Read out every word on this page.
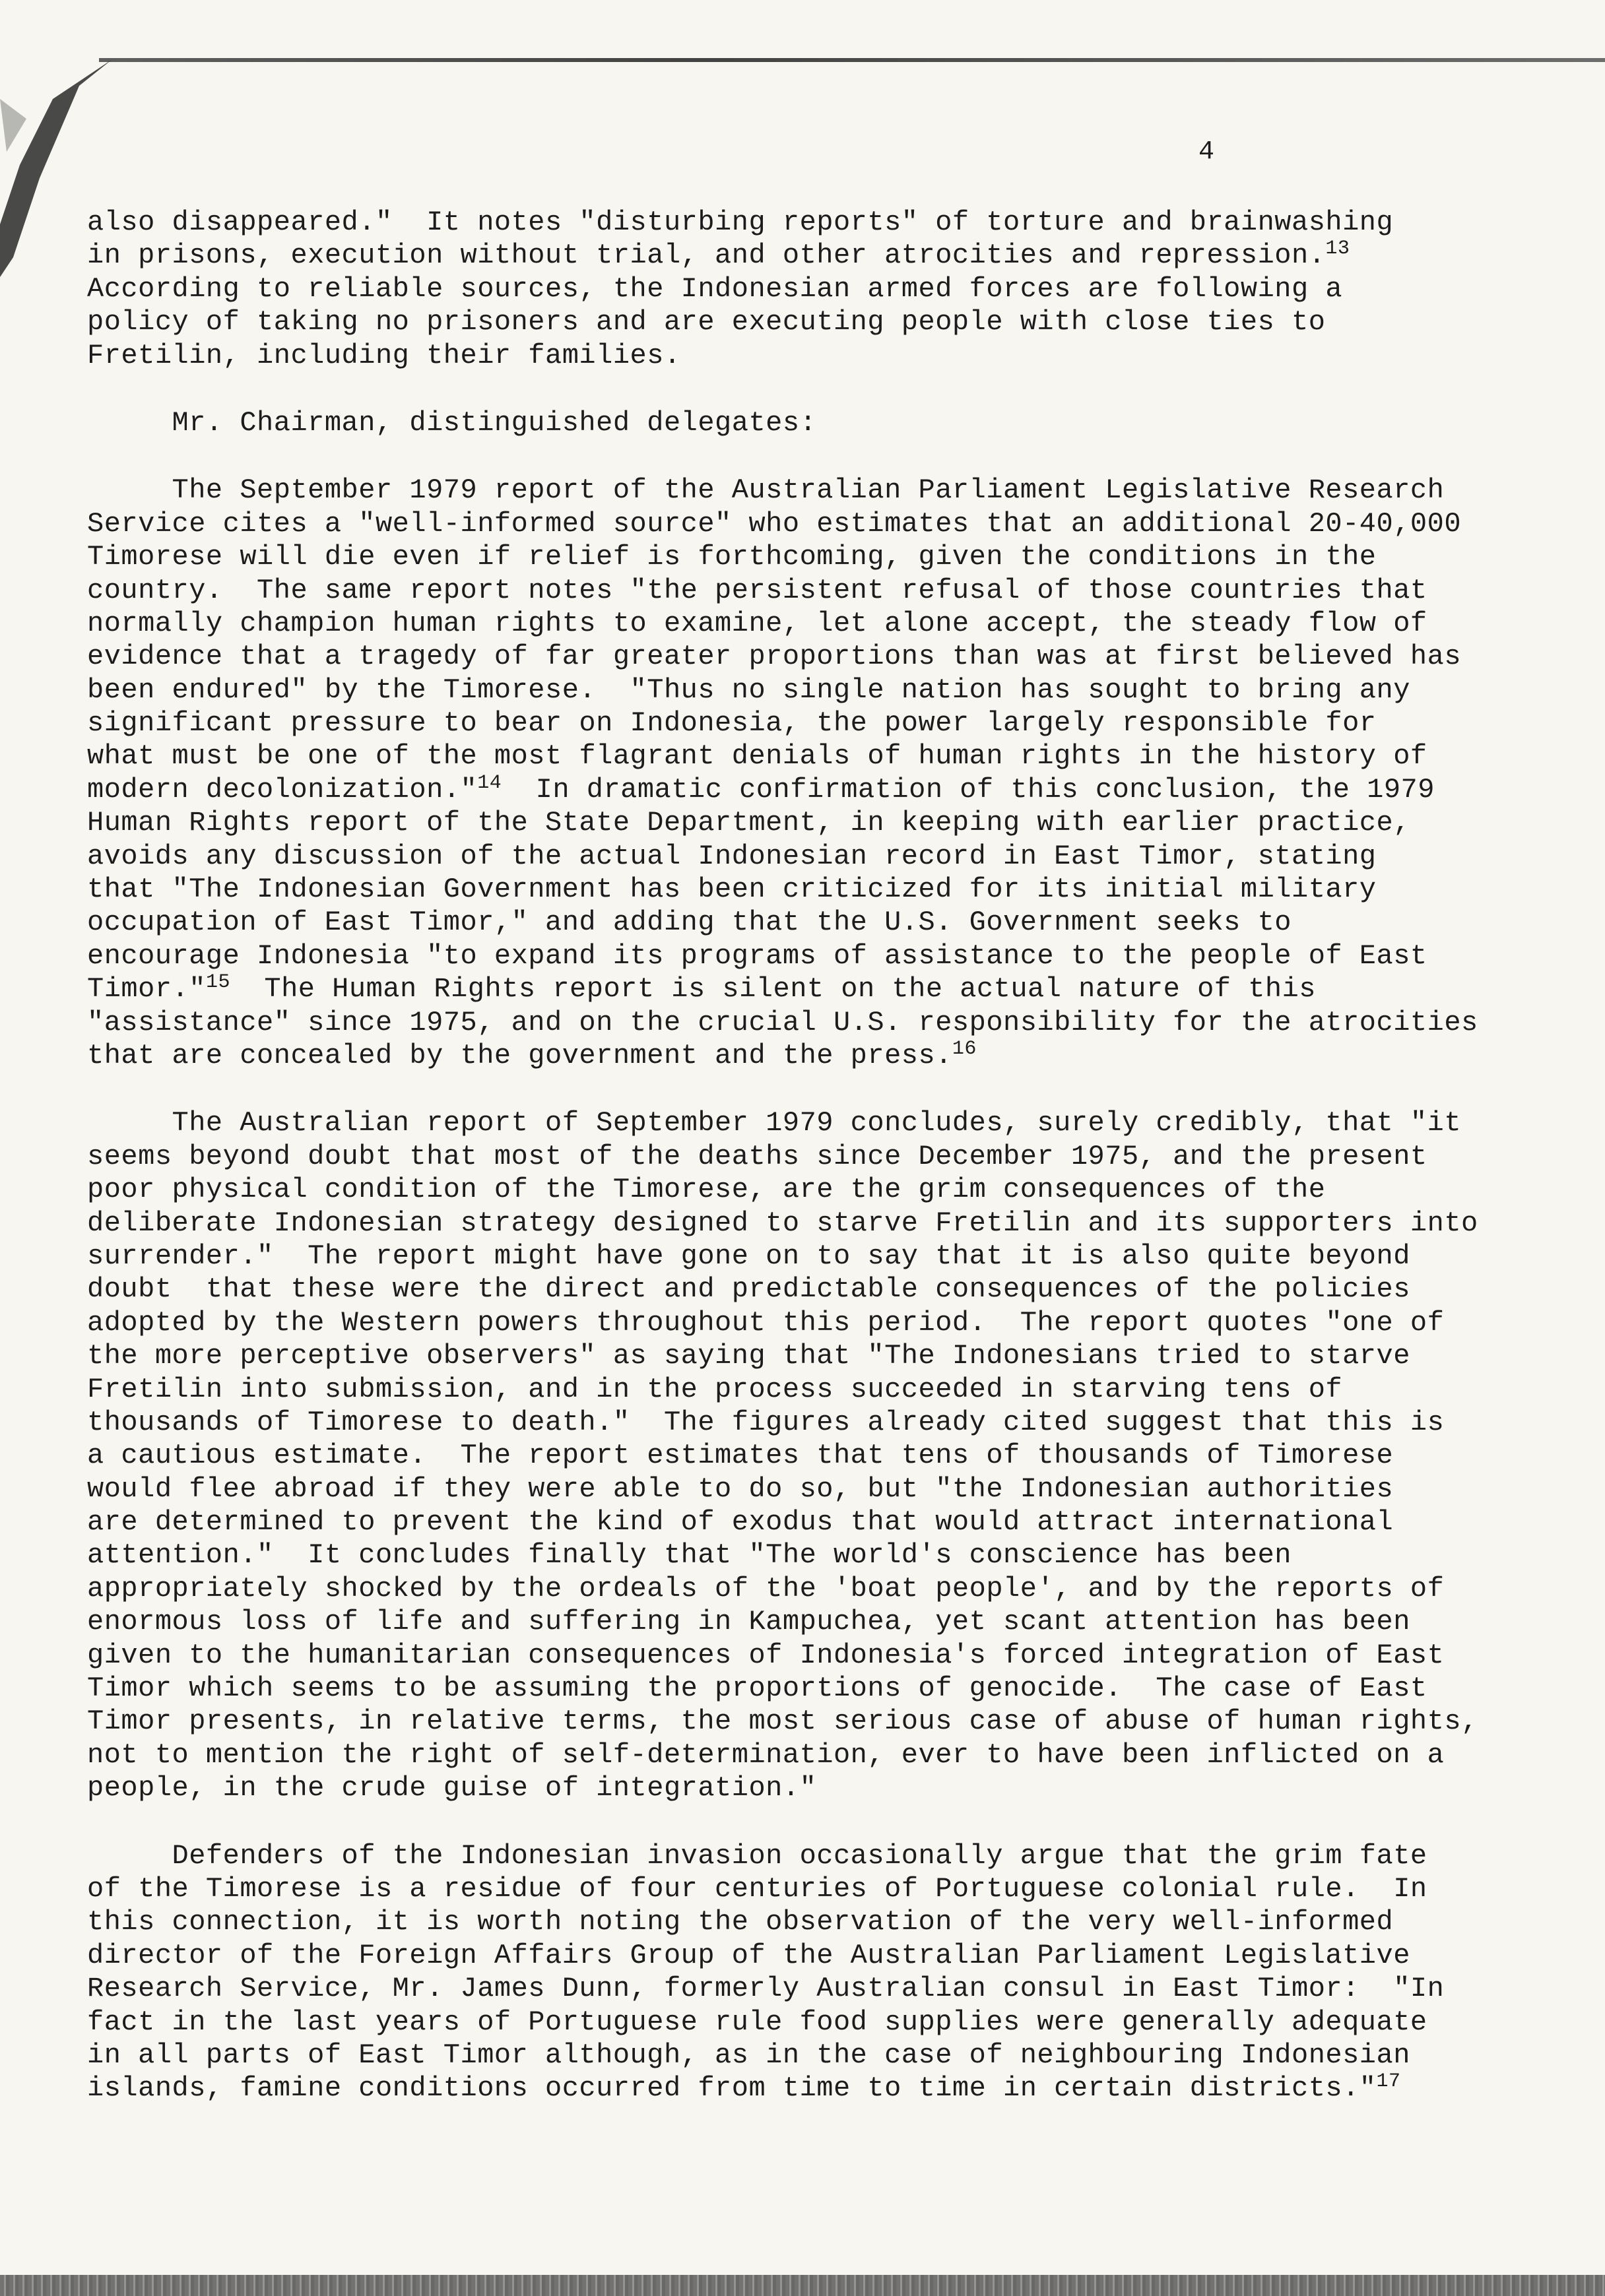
4
also disappeared."  It notes "disturbing reports" of torture and brainwashing
in prisons, execution without trial, and other atrocities and repression.$^{13}$
According to reliable sources, the Indonesian armed forces are following a
policy of taking no prisoners and are executing people with close ties to
Fretilin, including their families.
Mr. Chairman, distinguished delegates:
The September 1979 report of the Australian Parliament Legislative Research
Service cites a "well-informed source" who estimates that an additional 20-40,000
Timorese will die even if relief is forthcoming, given the conditions in the
country.  The same report notes "the persistent refusal of those countries that
normally champion human rights to examine, let alone accept, the steady flow of
evidence that a tragedy of far greater proportions than was at first believed has
been endured" by the Timorese.  "Thus no single nation has sought to bring any
significant pressure to bear on Indonesia, the power largely responsible for
what must be one of the most flagrant denials of human rights in the history of
modern decolonization."$^{14}$  In dramatic confirmation of this conclusion, the 1979
Human Rights report of the State Department, in keeping with earlier practice,
avoids any discussion of the actual Indonesian record in East Timor, stating
that "The Indonesian Government has been criticized for its initial military
occupation of East Timor," and adding that the U.S. Government seeks to
encourage Indonesia "to expand its programs of assistance to the people of East
Timor."$^{15}$  The Human Rights report is silent on the actual nature of this
"assistance" since 1975, and on the crucial U.S. responsibility for the atrocities
that are concealed by the government and the press.$^{16}$
The Australian report of September 1979 concludes, surely credibly, that "it
seems beyond doubt that most of the deaths since December 1975, and the present
poor physical condition of the Timorese, are the grim consequences of the
deliberate Indonesian strategy designed to starve Fretilin and its supporters into
surrender."  The report might have gone on to say that it is also quite beyond
doubt  that these were the direct and predictable consequences of the policies
adopted by the Western powers throughout this period.  The report quotes "one of
the more perceptive observers" as saying that "The Indonesians tried to starve
Fretilin into submission, and in the process succeeded in starving tens of
thousands of Timorese to death."  The figures already cited suggest that this is
a cautious estimate.  The report estimates that tens of thousands of Timorese
would flee abroad if they were able to do so, but "the Indonesian authorities
are determined to prevent the kind of exodus that would attract international
attention."  It concludes finally that "The world's conscience has been
appropriately shocked by the ordeals of the 'boat people', and by the reports of
enormous loss of life and suffering in Kampuchea, yet scant attention has been
given to the humanitarian consequences of Indonesia's forced integration of East
Timor which seems to be assuming the proportions of genocide.  The case of East
Timor presents, in relative terms, the most serious case of abuse of human rights,
not to mention the right of self-determination, ever to have been inflicted on a
people, in the crude guise of integration."
Defenders of the Indonesian invasion occasionally argue that the grim fate
of the Timorese is a residue of four centuries of Portuguese colonial rule.  In
this connection, it is worth noting the observation of the very well-informed
director of the Foreign Affairs Group of the Australian Parliament Legislative
Research Service, Mr. James Dunn, formerly Australian consul in East Timor:  "In
fact in the last years of Portuguese rule food supplies were generally adequate
in all parts of East Timor although, as in the case of neighbouring Indonesian
islands, famine conditions occurred from time to time in certain districts."$^{17}$
